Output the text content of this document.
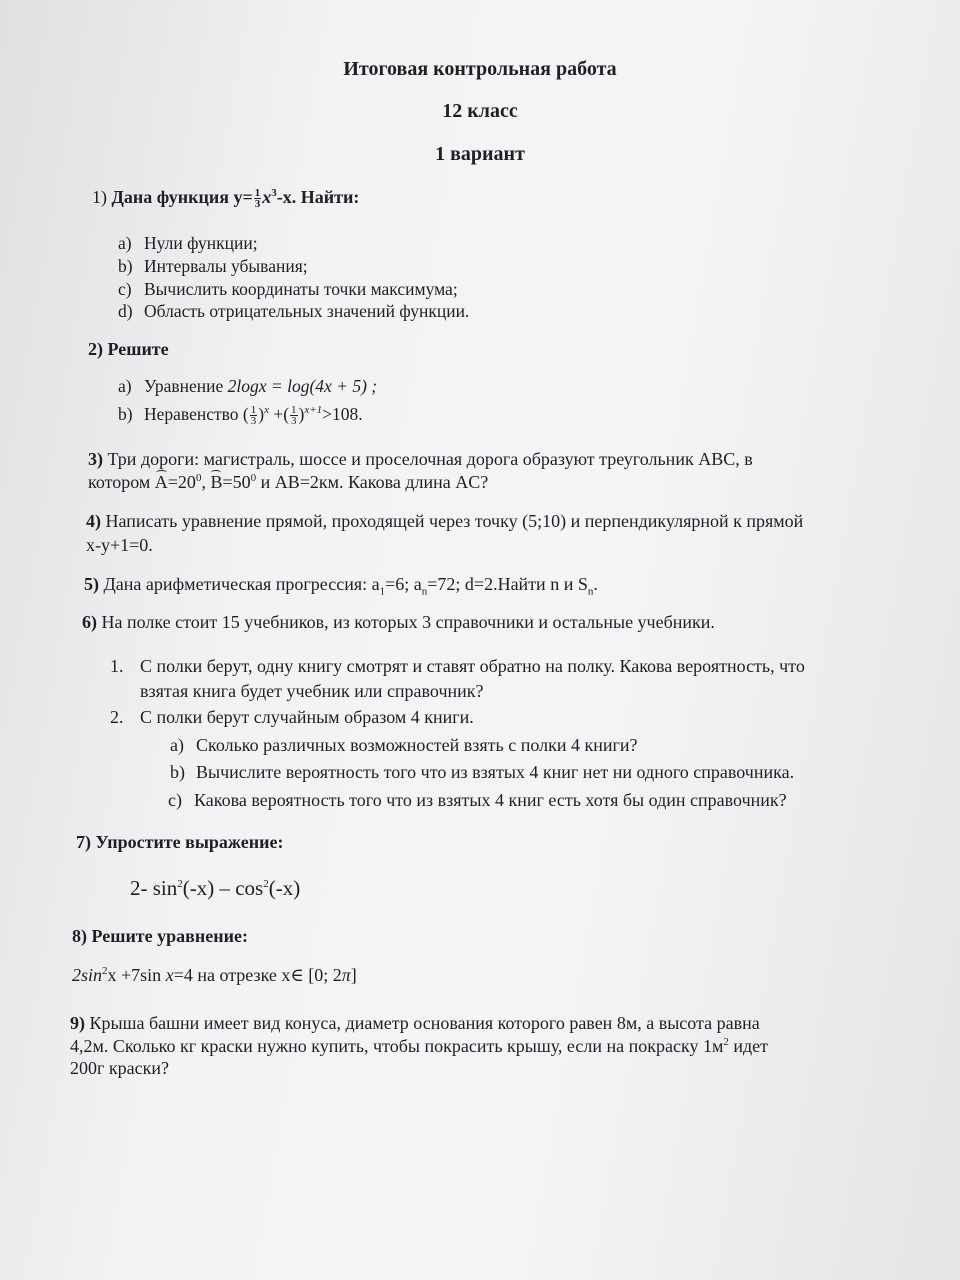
Итоговая контрольная работа
12 класс
1 вариант
1) Дана функция $y= \frac{1}{3} x^3-x$. Найти:
a) Нули функции;
b) Интервалы убывания;
c) Вычислить координаты точки максимума;
d) Область отрицательных значений функции.
2) Решите
a) Уравнение 2logx = log(4x + 5) ;
b) Неравенство ( $\frac{1}{3} )^x$ +( $\frac{1}{3} )^{x+1}>108$.
3) Три дороги: магистраль, шоссе и проселочная дорога образуют треугольник ABC, в
котором $A=20^0$, $B=50^0$ и AB=2км. Какова длина AC?
4) Написать уравнение прямой, проходящей через точку (5;10) и перпендикулярной к прямой
x-y+1=0.
5) Дана арифметическая прогрессия: $a_1=6$; $a_n=72$; d=2.Найти n и $S_n$.
6) На полке стоит 15 учебников, из которых 3 справочники и остальные учебники.
1. С полки берут, одну книгу смотрят и ставят обратно на полку. Какова вероятность, что
взятая книга будет учебник или справочник?
2. С полки берут случайным образом 4 книги.
a) Сколько различных возможностей взять с полки 4 книги?
b) Вычислите вероятность того что из взятых 4 книг нет ни одного справочника.
c) Какова вероятность того что из взятых 4 книг есть хотя бы один справочник?
7) Упростите выражение:
2- $\sin^2(-x) - \cos^2(-x)$
8) Решите уравнение:
$2\sin^2x +7\sin$ x=4 на отрезке x∈ [0; 2π]
9) Крыша башни имеет вид конуса, диаметр основания которого равен 8м, а высота равна
4,2м. Сколько кг краски нужно купить, чтобы покрасить крышу, если на покраску $1м^2$ идет
200г краски?
